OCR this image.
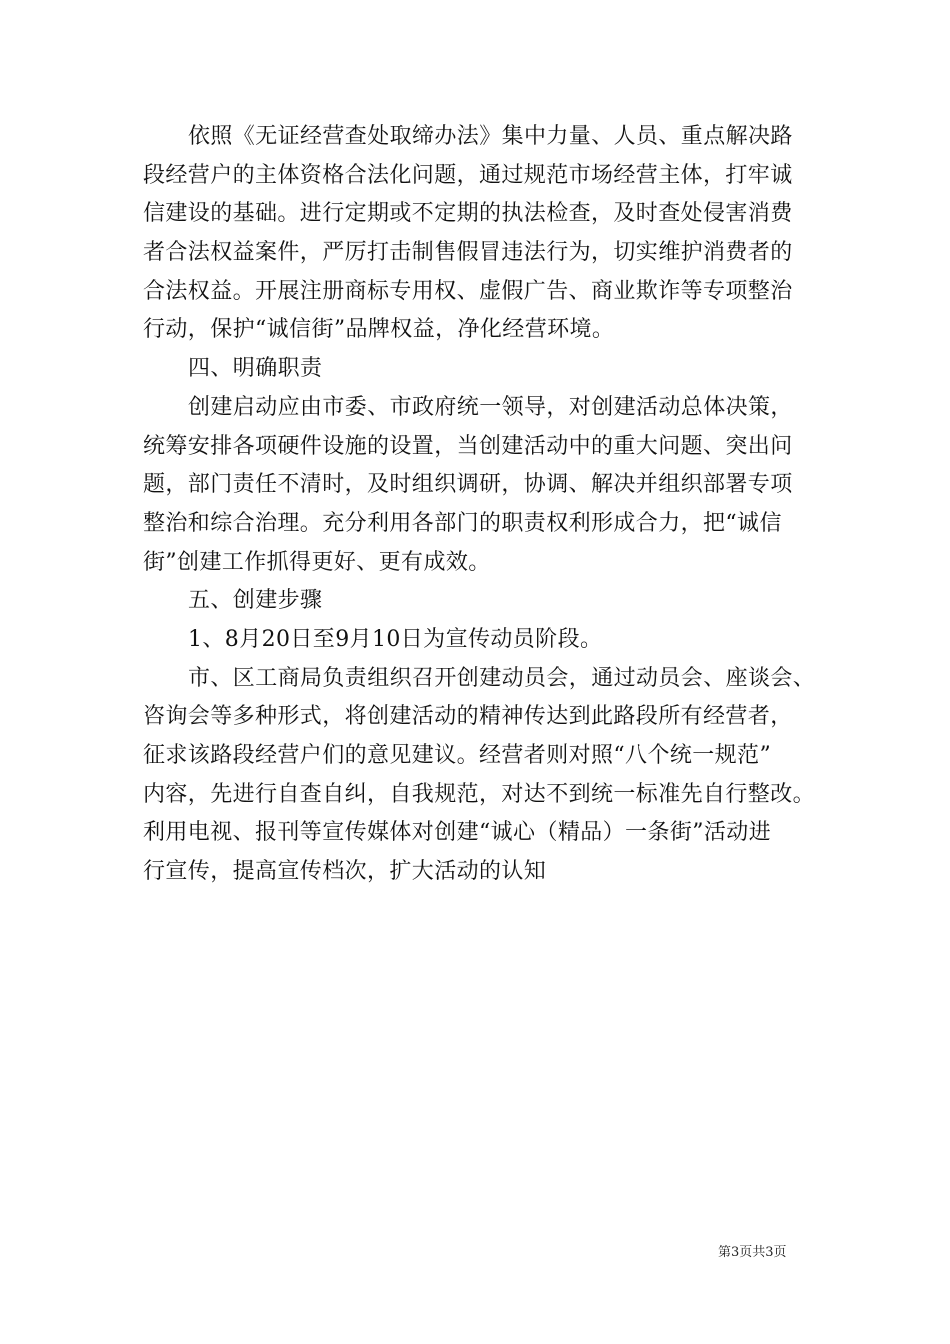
依照《无证经营查处取缔办法》集中力量、人员、重点解决路
段经营户的主体资格合法化问题，通过规范市场经营主体，打牢诚
信建设的基础。进行定期或不定期的执法检查，及时查处侵害消费
者合法权益案件，严厉打击制售假冒违法行为，切实维护消费者的
合法权益。开展注册商标专用权、虚假广告、商业欺诈等专项整治
行动，保护“诚信街”品牌权益，净化经营环境。
四、明确职责
创建启动应由市委、市政府统一领导，对创建活动总体决策，
统筹安排各项硬件设施的设置，当创建活动中的重大问题、突出问
题，部门责任不清时，及时组织调研，协调、解决并组织部署专项
整治和综合治理。充分利用各部门的职责权利形成合力，把“诚信
街”创建工作抓得更好、更有成效。
五、创建步骤
1、8月20日至9月10日为宣传动员阶段。
市、区工商局负责组织召开创建动员会，通过动员会、座谈会、
咨询会等多种形式，将创建活动的精神传达到此路段所有经营者，
征求该路段经营户们的意见建议。经营者则对照“八个统一规范”
内容，先进行自查自纠，自我规范，对达不到统一标准先自行整改。
利用电视、报刊等宣传媒体对创建“诚心（精品）一条街”活动进
行宣传，提高宣传档次，扩大活动的认知
第3页共3页
